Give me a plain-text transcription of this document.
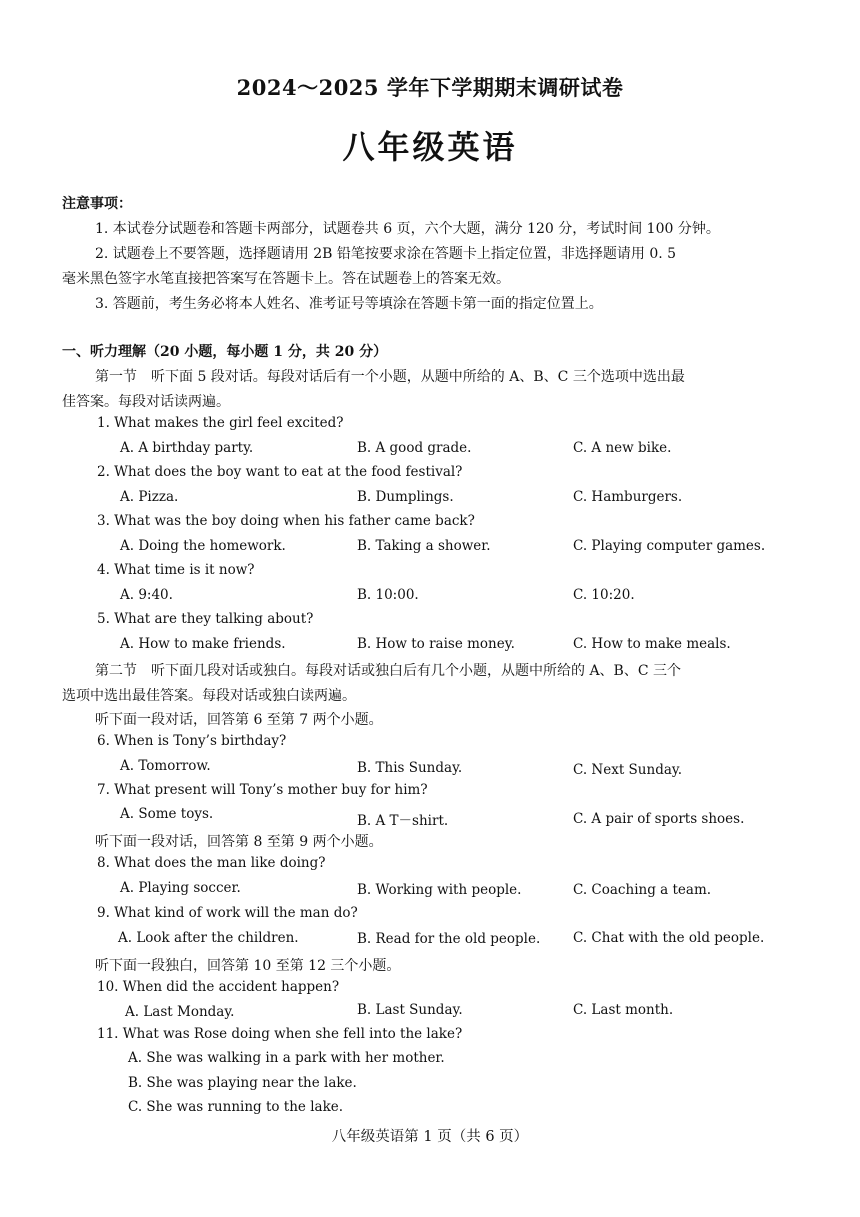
2024～2025 学年下学期期末调研试卷
八年级英语
注意事项：
1. 本试卷分试题卷和答题卡两部分，试题卷共 6 页，六个大题，满分 120 分，考试时间 100 分钟。
2. 试题卷上不要答题，选择题请用 2B 铅笔按要求涂在答题卡上指定位置，非选择题请用 0. 5
毫米黑色签字水笔直接把答案写在答题卡上。答在试题卷上的答案无效。
3. 答题前，考生务必将本人姓名、准考证号等填涂在答题卡第一面的指定位置上。
一、听力理解（20 小题，每小题 1 分，共 20 分）
第一节　听下面 5 段对话。每段对话后有一个小题，从题中所给的 A、B、C 三个选项中选出最
佳答案。每段对话读两遍。
1. What makes the girl feel excited?
A. A birthday party.	B. A good grade.	C. A new bike.
2. What does the boy want to eat at the food festival?
A. Pizza.	B. Dumplings.	C. Hamburgers.
3. What was the boy doing when his father came back?
A. Doing the homework.	B. Taking a shower.	C. Playing computer games.
4. What time is it now?
A. 9:40.	B. 10:00.	C. 10:20.
5. What are they talking about?
A. How to make friends.	B. How to raise money.	C. How to make meals.
第二节　听下面几段对话或独白。每段对话或独白后有几个小题，从题中所给的 A、B、C 三个
选项中选出最佳答案。每段对话或独白读两遍。
听下面一段对话，回答第 6 至第 7 两个小题。
6. When is Tony’s birthday?
A. Tomorrow.	B. This Sunday.	C. Next Sunday.
7. What present will Tony’s mother buy for him?
A. Some toys.	B. A T－shirt.	C. A pair of sports shoes.
听下面一段对话，回答第 8 至第 9 两个小题。
8. What does the man like doing?
A. Playing soccer.	B. Working with people.	C. Coaching a team.
9. What kind of work will the man do?
A. Look after the children.	B. Read for the old people. C. Chat with the old people.
听下面一段独白，回答第 10 至第 12 三个小题。
10. When did the accident happen?
A. Last Monday.	B. Last Sunday.	C. Last month.
11. What was Rose doing when she fell into the lake?
A. She was walking in a park with her mother.
B. She was playing near the lake.
C. She was running to the lake.
八年级英语第 1 页（共 6 页）
